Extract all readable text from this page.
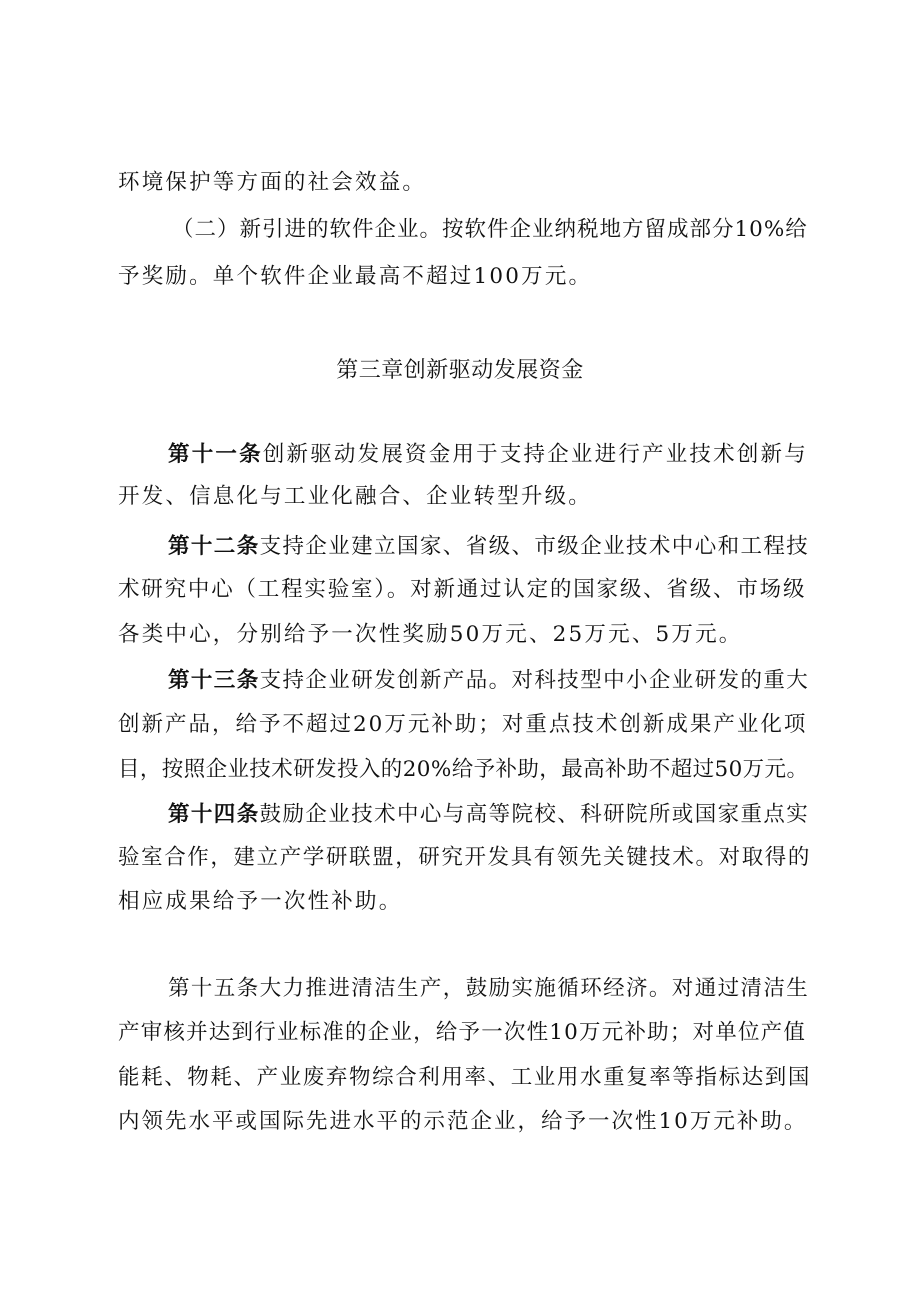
环境保护等方面的社会效益。
（二）新引进的软件企业。按软件企业纳税地方留成部分10%给
予奖励。单个软件企业最高不超过100万元。
第三章创新驱动发展资金
第十一条创新驱动发展资金用于支持企业进行产业技术创新与
开发、信息化与工业化融合、企业转型升级。
第十二条支持企业建立国家、省级、市级企业技术中心和工程技
术研究中心（工程实验室）。对新通过认定的国家级、省级、市场级
各类中心，分别给予一次性奖励50万元、25万元、5万元。
第十三条支持企业研发创新产品。对科技型中小企业研发的重大
创新产品，给予不超过20万元补助；对重点技术创新成果产业化项
目，按照企业技术研发投入的20%给予补助，最高补助不超过50万元。
第十四条鼓励企业技术中心与高等院校、科研院所或国家重点实
验室合作，建立产学研联盟，研究开发具有领先关键技术。对取得的
相应成果给予一次性补助。
第十五条大力推进清洁生产，鼓励实施循环经济。对通过清洁生
产审核并达到行业标准的企业，给予一次性10万元补助；对单位产值
能耗、物耗、产业废弃物综合利用率、工业用水重复率等指标达到国
内领先水平或国际先进水平的示范企业，给予一次性10万元补助。
